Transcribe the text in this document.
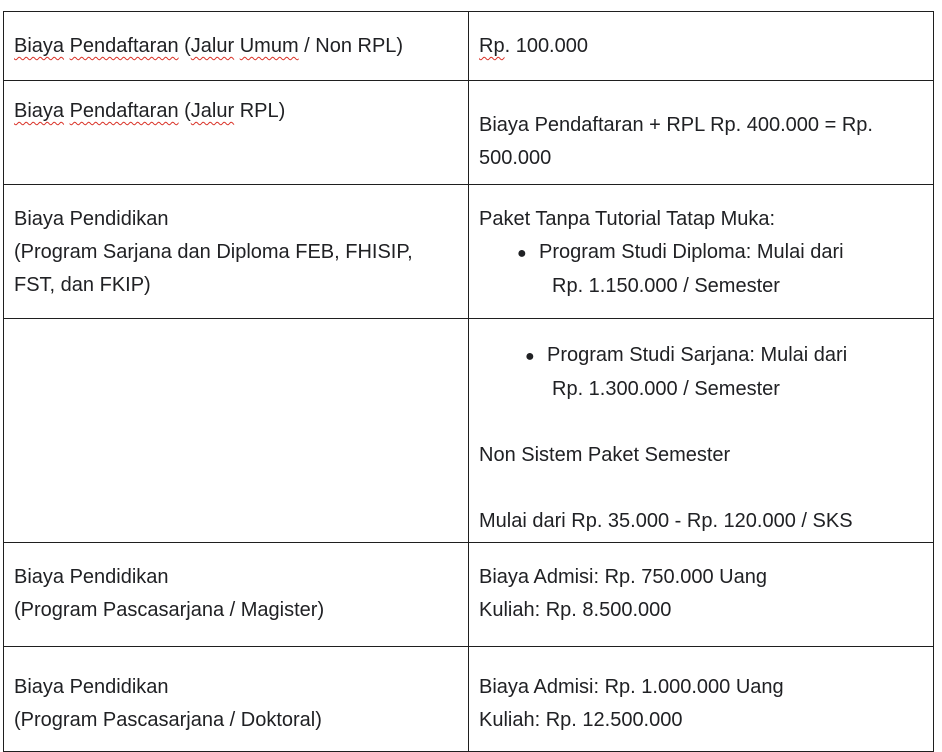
Biaya Pendaftaran (Jalur Umum / Non RPL)	Rp. 100.000

Biaya Pendaftaran (Jalur RPL)	Biaya Pendaftaran + RPL Rp. 400.000 = Rp.
500.000

Biaya Pendidikan
(Program Sarjana dan Diploma FEB, FHISIP,
FST, dan FKIP)	Paket Tanpa Tutorial Tatap Muka:
● Program Studi Diploma: Mulai dari
Rp. 1.150.000 / Semester

	● Program Studi Sarjana: Mulai dari
Rp. 1.300.000 / Semester
Non Sistem Paket Semester
Mulai dari Rp. 35.000 - Rp. 120.000 / SKS

Biaya Pendidikan
(Program Pascasarjana / Magister)	Biaya Admisi: Rp. 750.000 Uang
Kuliah: Rp. 8.500.000

Biaya Pendidikan
(Program Pascasarjana / Doktoral)	Biaya Admisi: Rp. 1.000.000 Uang
Kuliah: Rp. 12.500.000
